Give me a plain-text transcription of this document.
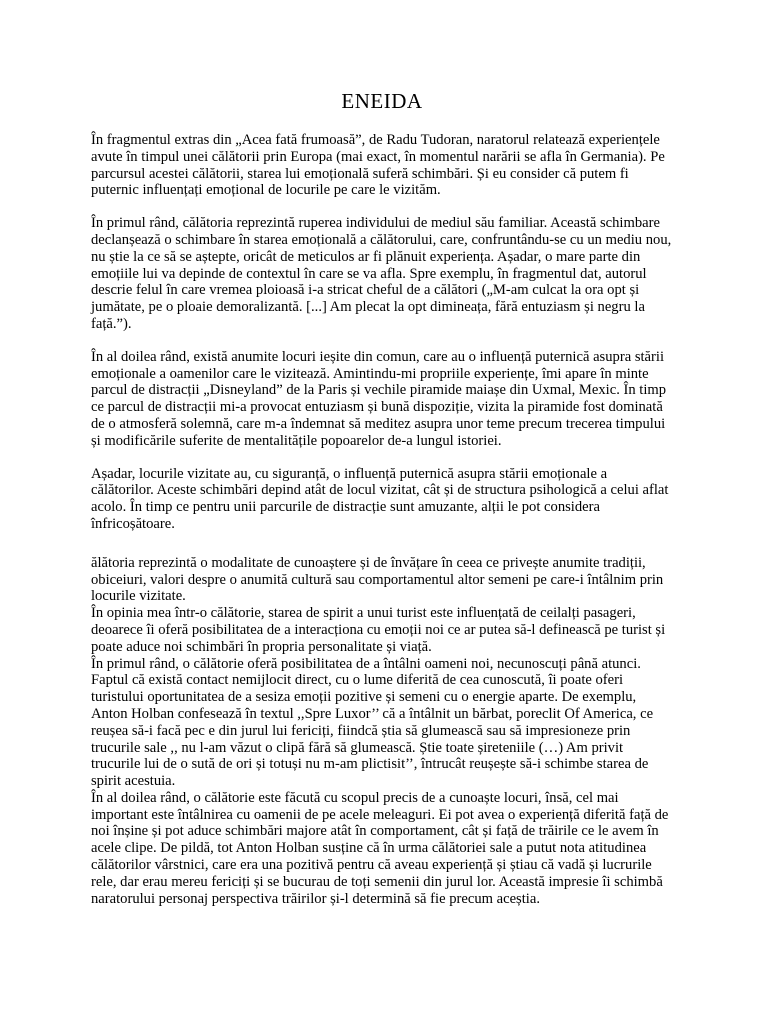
ENEIDA

În fragmentul extras din „Acea fată frumoasă”, de Radu Tudoran, naratorul relatează experiențele avute în timpul unei călătorii prin Europa (mai exact, în momentul narării se afla în Germania). Pe parcursul acestei călătorii, starea lui emoțională suferă schimbări. Și eu consider că putem fi puternic influențați emoțional de locurile pe care le vizităm.

În primul rând, călătoria reprezintă ruperea individului de mediul său familiar. Această schimbare declanșează o schimbare în starea emoțională a călătorului, care, confruntându-se cu un mediu nou, nu știe la ce să se aștepte, oricât de meticulos ar fi plănuit experiența. Așadar, o mare parte din emoțiile lui va depinde de contextul în care se va afla. Spre exemplu, în fragmentul dat, autorul descrie felul în care vremea ploioasă i-a stricat cheful de a călători („M-am culcat la ora opt și jumătate, pe o ploaie demoralizantă. [...] Am plecat la opt dimineața, fără entuziasm și negru la față.”).

În al doilea rând, există anumite locuri ieșite din comun, care au o influență puternică asupra stării emoționale a oamenilor care le vizitează. Amintindu-mi propriile experiențe, îmi apare în minte parcul de distracții „Disneyland” de la Paris și vechile piramide maiașe din Uxmal, Mexic. În timp ce parcul de distracții mi-a provocat entuziasm și bună dispoziție, vizita la piramide fost dominată de o atmosferă solemnă, care m-a îndemnat să meditez asupra unor teme precum trecerea timpului și modificările suferite de mentalitățile popoarelor de-a lungul istoriei.

Așadar, locurile vizitate au, cu siguranță, o influență puternică asupra stării emoționale a călătorilor. Aceste schimbări depind atât de locul vizitat, cât și de structura psihologică a celui aflat acolo. În timp ce pentru unii parcurile de distracție sunt amuzante, alții le pot considera înfricoșătoare.

ălătoria reprezintă o modalitate de cunoaștere și de învățare în ceea ce privește anumite tradiții, obiceiuri, valori despre o anumită cultură sau comportamentul altor semeni pe care-i întâlnim prin locurile vizitate.

În opinia mea într-o călătorie, starea de spirit a unui turist este influențată de ceilalți pasageri, deoarece îi oferă posibilitatea de a interacționa cu emoții noi ce ar putea să-l definească pe turist și poate aduce noi schimbări în propria personalitate și viață.

În primul rând, o călătorie oferă posibilitatea de a întâlni oameni noi, necunoscuți până atunci. Faptul că există contact nemijlocit direct, cu o lume diferită de cea cunoscută, îi poate oferi turistului oportunitatea de a sesiza emoții pozitive și semeni cu o energie aparte. De exemplu, Anton Holban confesează în textul ,,Spre Luxor’’ că a întâlnit un bărbat, poreclit Of America, ce reușea să-i facă pec e din jurul lui fericiți, fiindcă știa să glumească sau să impresioneze prin trucurile sale ,, nu l-am văzut o clipă fără să glumească. Știe toate șireteniile (…) Am privit trucurile lui de o sută de ori și totuși nu m-am plictisit’’, întrucât reușește să-i schimbe starea de spirit acestuia.

În al doilea rând, o călătorie este făcută cu scopul precis de a cunoaște locuri, însă, cel mai important este întâlnirea cu oamenii de pe acele meleaguri. Ei pot avea o experiență diferită față de noi înșine și pot aduce schimbări majore atât în comportament, cât și față de trăirile ce le avem în acele clipe. De pildă, tot Anton Holban susține că în urma călătoriei sale a putut nota atitudinea călătorilor vârstnici, care era una pozitivă pentru că aveau experiență și știau că vadă și lucrurile rele, dar erau mereu fericiți și se bucurau de toți semenii din jurul lor. Această impresie îi schimbă naratorului personaj perspectiva trăirilor și-l determină să fie precum aceștia.
